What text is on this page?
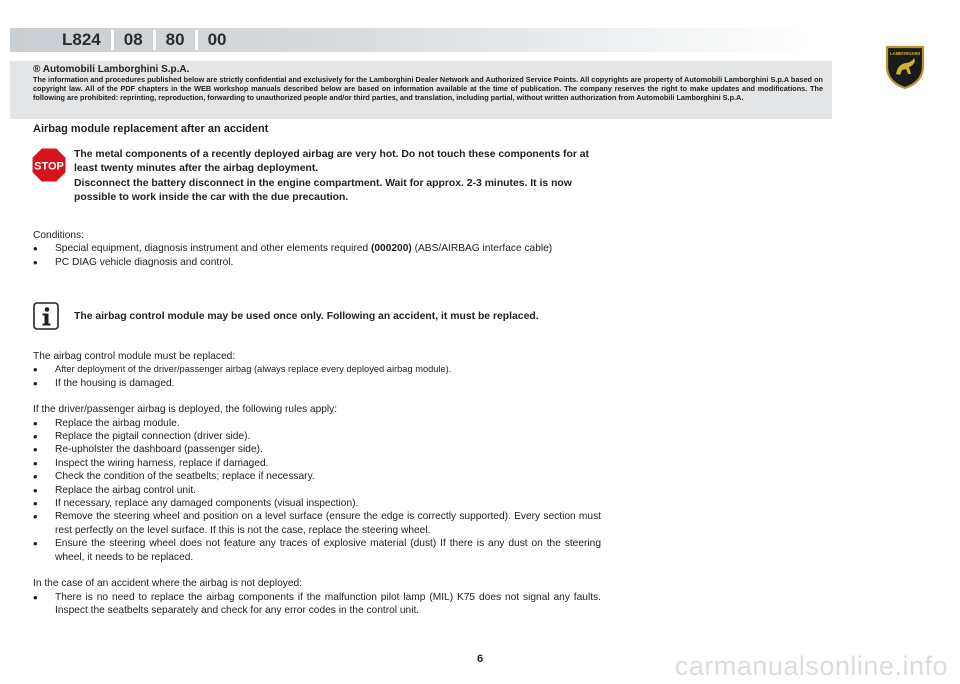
L824 08 80 00
LAMBORGHINI
® Automobili Lamborghini S.p.A.
The information and procedures published below are strictly confidential and exclusively for the Lamborghini Dealer Network and Authorized Service Points. All copyrights are property of Automobili Lamborghini S.p.A based on copyright law. All of the PDF chapters in the WEB workshop manuals described below are based on information available at the time of publication. The company reserves the right to make updates and modifications. The following are prohibited: reprinting, reproduction, forwarding to unauthorized people and/or third parties, and translation, including partial, without written authorization from Automobili Lamborghini S.p.A.
Airbag module replacement after an accident
STOP

The metal components of a recently deployed airbag are very hot. Do not touch these components for at least twenty minutes after the airbag deployment.

Disconnect the battery disconnect in the engine compartment. Wait for approx. 2-3 minutes. It is now possible to work inside the car with the due precaution.

Conditions:

• Special equipment, diagnosis instrument and other elements required (000200) (ABS/AIRBAG interface cable)
• PC DIAG vehicle diagnosis and control.
The airbag control module may be used once only. Following an accident, it must be replaced.

The airbag control module must be replaced:

• After deployment of the driver/passenger airbag (always replace every deployed airbag module).
• If the housing is damaged.

If the driver/passenger airbag is deployed, the following rules apply:

• Replace the airbag module.
• Replace the pigtail connection (driver side).
• Re-upholster the dashboard (passenger side).
• Inspect the wiring harness, replace if damaged.
• Check the condition of the seatbelts; replace if necessary.
• Replace the airbag control unit.
• If necessary, replace any damaged components (visual inspection).
• Remove the steering wheel and position on a level surface (ensure the edge is correctly supported). Every section must rest perfectly on the level surface. If this is not the case, replace the steering wheel.
• Ensure the steering wheel does not feature any traces of explosive material (dust) If there is any dust on the steering wheel, it needs to be replaced.

In the case of an accident where the airbag is not deployed:

• There is no need to replace the airbag components if the malfunction pilot lamp (MIL) K75 does not signal any faults. Inspect the seatbelts separately and check for any error codes in the control unit.
6	carmanualsonline.info
